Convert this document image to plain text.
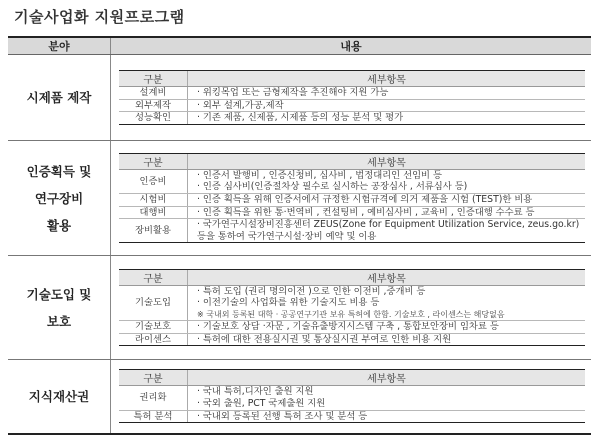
기술사업화 지원프로그램
분야	내용

시제품 제작

구분	세부항목
설계비	· 위킹목업 또는 금형제작을 추진해야 지원 가능

외부제작	· 외부 설계,가공,제작

성능확인	· 기존 제품, 신제품, 시제품 등의 성능 분석 및 평가

인증획득 및
연구장비
활용

구분	세부항목
인증비	
· 인증서 발행비 , 인증신청비, 심사비 , 법정대리인 선임비 등
· 인증 심사비(인증절차상 필수로 실시하는 공장심사 , 서류심사 등)

시험비	· 인증 획득을 위해 인증서에서 규정한 시험규격에 의거 제품을 시험 (TEST)한 비용

대행비	· 인증 획득을 위한 통·번역비 , 컨설팅비 , 예비심사비 , 교육비 , 인증대행 수수료 등

장비활용	
· 국가연구시설장비진흥센터 ZEUS(Zone for Equipment Utilization Service, zeus.go.kr) 등을 통하여 국가연구시설·장비 예약 및 이용

기술도입 및
보호

구분	세부항목
기술도입	
· 특허 도입 (권리 명의이전 )으로 인한 이전비 ,중개비 등
· 이전기술의 사업화를 위한 기술지도 비용 등
※ 국내외 등록된 대학 · 공공연구기관 보유 특허에 한함. 기술보호 , 라이센스는 해당없음

기술보호	· 기술보호 상담 ·자문 , 기술유출방지시스템 구축 , 통합보안장비 임차료 등

라이센스	· 특허에 대한 전용실시권 및 통상실시권 부여로 인한 비용 지원

지식재산권

구분	세부항목
권리화	
· 국내 특허,디자인 출원 지원
· 국외 출원, PCT 국제출원 지원

특허 분석	· 국내외 등록된 선행 특허 조사 및 분석 등
